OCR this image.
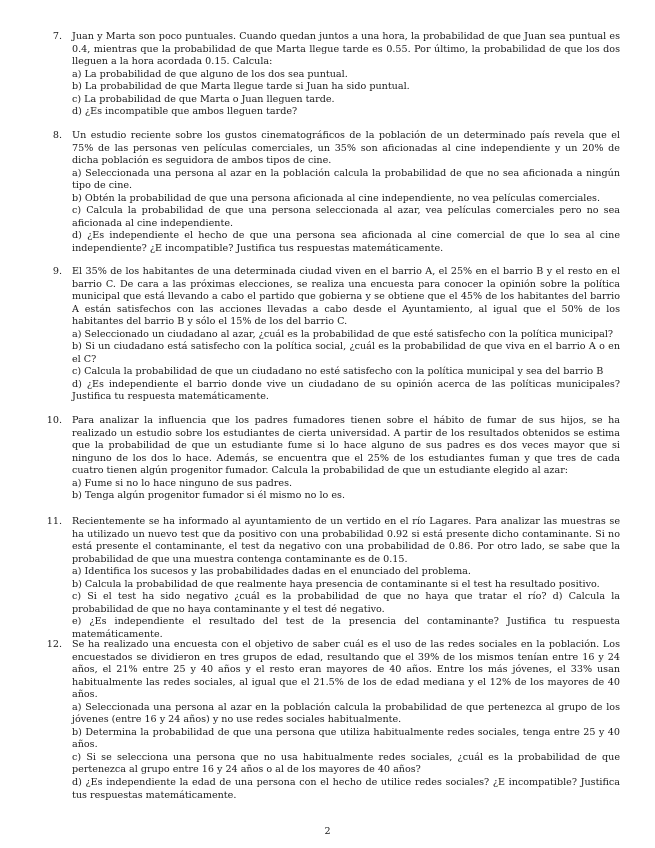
7. Juan y Marta son poco puntuales. Cuando quedan juntos a una hora, la probabilidad de que Juan sea puntual es 0.4, mientras que la probabilidad de que Marta llegue tarde es 0.55. Por último, la probabilidad de que los dos lleguen a la hora acordada 0.15. Calcula:

a) La probabilidad de que alguno de los dos sea puntual.

b) La probabilidad de que Marta llegue tarde si Juan ha sido puntual.

c) La probabilidad de que Marta o Juan lleguen tarde.

d) ¿Es incompatible que ambos lleguen tarde?

8. Un estudio reciente sobre los gustos cinematográficos de la población de un determinado país revela que el 75% de las personas ven películas comerciales, un 35% son aficionadas al cine independiente y un 20% de dicha población es seguidora de ambos tipos de cine.

a) Seleccionada una persona al azar en la población calcula la probabilidad de que no sea aficionada a ningún tipo de cine.

b) Obtén la probabilidad de que una persona aficionada al cine independiente, no vea películas comerciales.

c) Calcula la probabilidad de que una persona seleccionada al azar, vea películas comerciales pero no sea aficionada al cine independiente.

d) ¿Es independiente el hecho de que una persona sea aficionada al cine comercial de que lo sea al cine independiente? ¿E incompatible? Justifica tus respuestas matemáticamente.

9. El 35% de los habitantes de una determinada ciudad viven en el barrio A, el 25% en el barrio B y el resto en el barrio C. De cara a las próximas elecciones, se realiza una encuesta para conocer la opinión sobre la política municipal que está llevando a cabo el partido que gobierna y se obtiene que el 45% de los habitantes del barrio A están satisfechos con las acciones llevadas a cabo desde el Ayuntamiento, al igual que el 50% de los habitantes del barrio B y sólo el 15% de los del barrio C.

a) Seleccionado un ciudadano al azar, ¿cuál es la probabilidad de que esté satisfecho con la política municipal?

b) Si un ciudadano está satisfecho con la política social, ¿cuál es la probabilidad de que viva en el barrio A o en el C?

c) Calcula la probabilidad de que un ciudadano no esté satisfecho con la política municipal y sea del barrio B

d) ¿Es independiente el barrio donde vive un ciudadano de su opinión acerca de las políticas municipales? Justifica tu respuesta matemáticamente.

10. Para analizar la influencia que los padres fumadores tienen sobre el hábito de fumar de sus hijos, se ha realizado un estudio sobre los estudiantes de cierta universidad. A partir de los resultados obtenidos se estima que la probabilidad de que un estudiante fume si lo hace alguno de sus padres es dos veces mayor que si ninguno de los dos lo hace. Además, se encuentra que el 25% de los estudiantes fuman y que tres de cada cuatro tienen algún progenitor fumador. Calcula la probabilidad de que un estudiante elegido al azar:

a) Fume si no lo hace ninguno de sus padres.

b) Tenga algún progenitor fumador si él mismo no lo es.

11. Recientemente se ha informado al ayuntamiento de un vertido en el río Lagares. Para analizar las muestras se ha utilizado un nuevo test que da positivo con una probabilidad 0.92 si está presente dicho contaminante. Si no está presente el contaminante, el test da negativo con una probabilidad de 0.86. Por otro lado, se sabe que la probabilidad de que una muestra contenga contaminante es de 0.15.

a) Identifica los sucesos y las probabilidades dadas en el enunciado del problema.

b) Calcula la probabilidad de que realmente haya presencia de contaminante si el test ha resultado positivo.

c) Si el test ha sido negativo ¿cuál es la probabilidad de que no haya que tratar el río? d) Calcula la probabilidad de que no haya contaminante y el test dé negativo.

e) ¿Es independiente el resultado del test de la presencia del contaminante? Justifica tu respuesta matemáticamente.

12. Se ha realizado una encuesta con el objetivo de saber cuál es el uso de las redes sociales en la población. Los encuestados se dividieron en tres grupos de edad, resultando que el 39% de los mismos tenían entre 16 y 24 años, el 21% entre 25 y 40 años y el resto eran mayores de 40 años. Entre los más jóvenes, el 33% usan habitualmente las redes sociales, al igual que el 21.5% de los de edad mediana y el 12% de los mayores de 40 años.

a) Seleccionada una persona al azar en la población calcula la probabilidad de que pertenezca al grupo de los jóvenes (entre 16 y 24 años) y no use redes sociales habitualmente.

b) Determina la probabilidad de que una persona que utiliza habitualmente redes sociales, tenga entre 25 y 40 años.

c) Si se selecciona una persona que no usa habitualmente redes sociales, ¿cuál es la probabilidad de que pertenezca al grupo entre 16 y 24 años o al de los mayores de 40 años?

d) ¿Es independiente la edad de una persona con el hecho de utilice redes sociales? ¿E incompatible? Justifica tus respuestas matemáticamente.

2
